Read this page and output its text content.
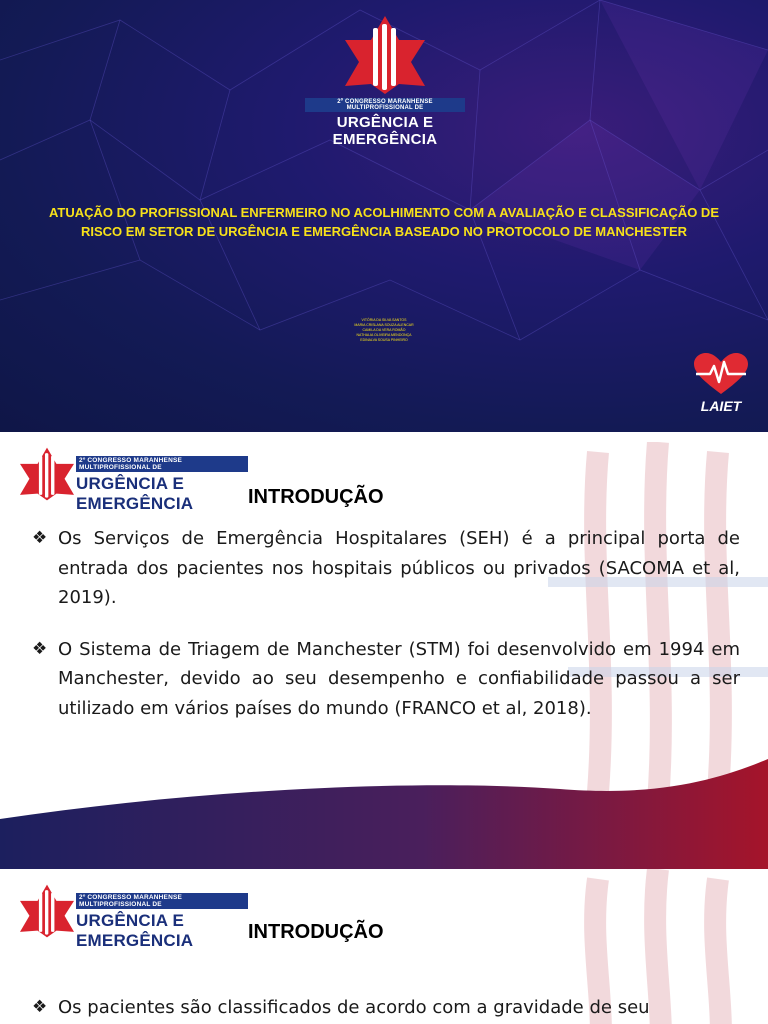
2º CONGRESSO MARANHENSE MULTIPROFISSIONAL DE
URGÊNCIA E EMERGÊNCIA
ATUAÇÃO DO PROFISSIONAL ENFERMEIRO NO ACOLHIMENTO COM A AVALIAÇÃO E CLASSIFICAÇÃO DE RISCO EM SETOR DE URGÊNCIA E EMERGÊNCIA BASEADO NO PROTOCOLO DE MANCHESTER
VITÓRIA DA SILVA SANTOS
MARIA CRISLANA SOUZA ALENCAR
CAMILA DA VERA ROMÃO
NATHALIA OLIVEIRA MENDONÇA
EDINALVA SOUSA PINHEIRO
LAIET
2º CONGRESSO MARANHENSE MULTIPROFISSIONAL DE
URGÊNCIA E EMERGÊNCIA	INTRODUÇÃO
❖ Os Serviços de Emergência Hospitalares (SEH) é a principal porta de entrada dos pacientes nos hospitais públicos ou privados (SACOMA et al, 2019).
❖ O Sistema de Triagem de Manchester (STM) foi desenvolvido em 1994 em Manchester, devido ao seu desempenho e confiabilidade passou a ser utilizado em vários países do mundo (FRANCO et al, 2018).
2º CONGRESSO MARANHENSE MULTIPROFISSIONAL DE
URGÊNCIA E EMERGÊNCIA	INTRODUÇÃO
❖ Os pacientes são classificados de acordo com a gravidade de seu
